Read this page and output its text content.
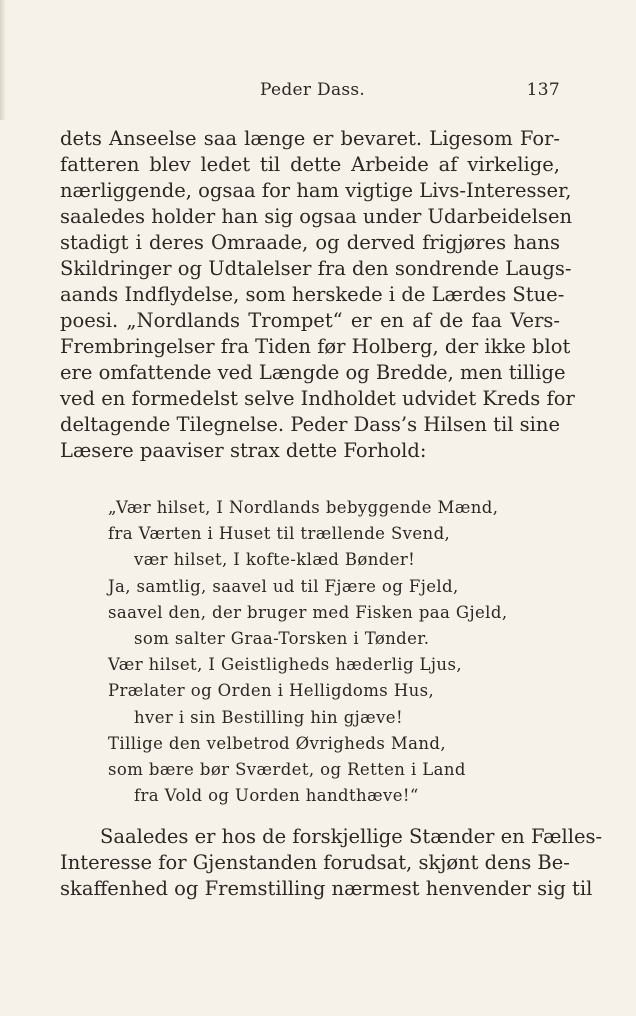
Peder Dass.	137
dets Anseelse saa længe er bevaret. Ligesom For-
fatteren blev ledet til dette Arbeide af virkelige,
nærliggende, ogsaa for ham vigtige Livs-Interesser,
saaledes holder han sig ogsaa under Udarbeidelsen
stadigt i deres Omraade, og derved frigjøres hans
Skildringer og Udtalelser fra den sondrende Laugs-
aands Indflydelse, som herskede i de Lærdes Stue-
poesi. „Nordlands Trompet“ er en af de faa Vers-
Frembringelser fra Tiden før Holberg, der ikke blot
ere omfattende ved Længde og Bredde, men tillige
ved en formedelst selve Indholdet udvidet Kreds for
deltagende Tilegnelse. Peder Dass’s Hilsen til sine
Læsere paaviser strax dette Forhold:
„Vær hilset, I Nordlands bebyggende Mænd,
fra Værten i Huset til trællende Svend,
vær hilset, I kofte-klæd Bønder!
Ja, samtlig, saavel ud til Fjære og Fjeld,
saavel den, der bruger med Fisken paa Gjeld,
som salter Graa-Torsken i Tønder.
Vær hilset, I Geistligheds hæderlig Ljus,
Prælater og Orden i Helligdoms Hus,
hver i sin Bestilling hin gjæve!
Tillige den velbetrod Øvrigheds Mand,
som bære bør Sværdet, og Retten i Land
fra Vold og Uorden handthæve!“
Saaledes er hos de forskjellige Stænder en Fælles-
Interesse for Gjenstanden forudsat, skjønt dens Be-
skaffenhed og Fremstilling nærmest henvender sig til
